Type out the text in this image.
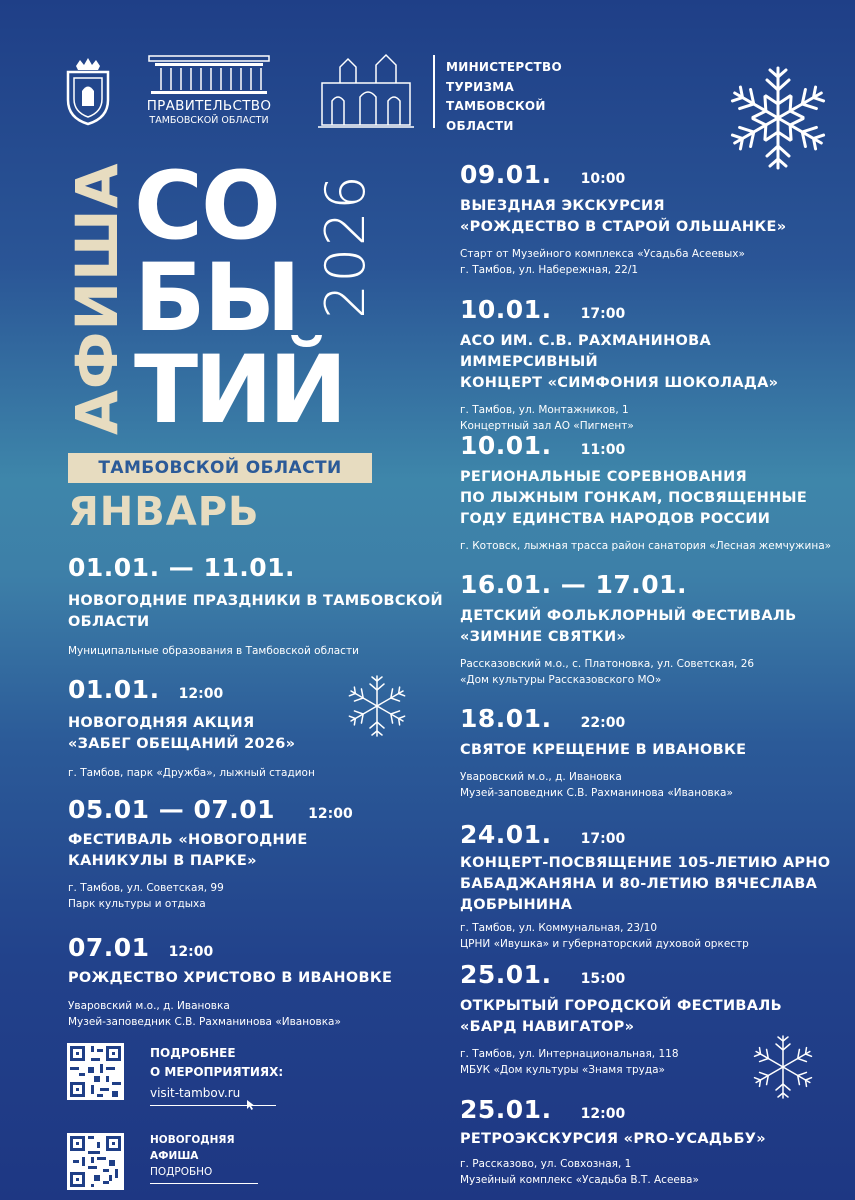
ПРАВИТЕЛЬСТВО
ТАМБОВСКОЙ ОБЛАСТИ
МИНИСТЕРСТВО
ТУРИЗМА
ТАМБОВСКОЙ
ОБЛАСТИ
АФИША СО
БЫ
ТИЙ
2026
ТАМБОВСКОЙ ОБЛАСТИ
ЯНВАРЬ
01.01. — 11.01.
НОВОГОДНИЕ ПРАЗДНИКИ В ТАМБОВСКОЙ
ОБЛАСТИ
Муниципальные образования в Тамбовской области
01.01. 12:00
НОВОГОДНЯЯ АКЦИЯ
«ЗАБЕГ ОБЕЩАНИЙ 2026»
г. Тамбов, парк «Дружба», лыжный стадион
05.01 — 07.01 12:00
ФЕСТИВАЛЬ «НОВОГОДНИЕ
КАНИКУЛЫ В ПАРКЕ»
г. Тамбов, ул. Советская, 99
Парк культуры и отдыха
07.01 12:00
РОЖДЕСТВО ХРИСТОВО В ИВАНОВКЕ
Уваровский м.о., д. Ивановка
Музей-заповедник С.В. Рахманинова «Ивановка»
ПОДРОБНЕЕ
О МЕРОПРИЯТИЯХ:
visit-tambov.ru
НОВОГОДНЯЯ
АФИША ПОДРОБНО
09.01. 10:00
ВЫЕЗДНАЯ ЭКСКУРСИЯ
«РОЖДЕСТВО В СТАРОЙ ОЛЬШАНКЕ»
Старт от Музейного комплекса «Усадьба Асеевых»
г. Тамбов, ул. Набережная, 22/1
10.01. 17:00
АСО ИМ. С.В. РАХМАНИНОВА ИММЕРСИВНЫЙ
КОНЦЕРТ «СИМФОНИЯ ШОКОЛАДА»
г. Тамбов, ул. Монтажников, 1
Концертный зал АО «Пигмент»
10.01. 11:00
РЕГИОНАЛЬНЫЕ СОРЕВНОВАНИЯ
ПО ЛЫЖНЫМ ГОНКАМ, ПОСВЯЩЕННЫЕ
ГОДУ ЕДИНСТВА НАРОДОВ РОССИИ
г. Котовск, лыжная трасса район санатория «Лесная жемчужина»
16.01. — 17.01.
ДЕТСКИЙ ФОЛЬКЛОРНЫЙ ФЕСТИВАЛЬ
«ЗИМНИЕ СВЯТКИ»
Рассказовский м.о., с. Платоновка, ул. Советская, 26
«Дом культуры Рассказовского МО»
18.01. 22:00
СВЯТОЕ КРЕЩЕНИЕ В ИВАНОВКЕ
Уваровский м.о., д. Ивановка
Музей-заповедник С.В. Рахманинова «Ивановка»
24.01. 17:00
КОНЦЕРТ-ПОСВЯЩЕНИЕ 105-ЛЕТИЮ АРНО
БАБАДЖАНЯНА И 80-ЛЕТИЮ ВЯЧЕСЛАВА
ДОБРЫНИНА
г. Тамбов, ул. Коммунальная, 23/10
ЦРНИ «Ивушка» и губернаторский духовой оркестр
25.01. 15:00
ОТКРЫТЫЙ ГОРОДСКОЙ ФЕСТИВАЛЬ
«БАРД НАВИГАТОР»
г. Тамбов, ул. Интернациональная, 118
МБУК «Дом культуры «Знамя труда»
25.01. 12:00
РЕТРОЭКСКУРСИЯ «PRO-УСАДЬБУ»
г. Рассказово, ул. Совхозная, 1
Музейный комплекс «Усадьба В.Т. Асеева»
